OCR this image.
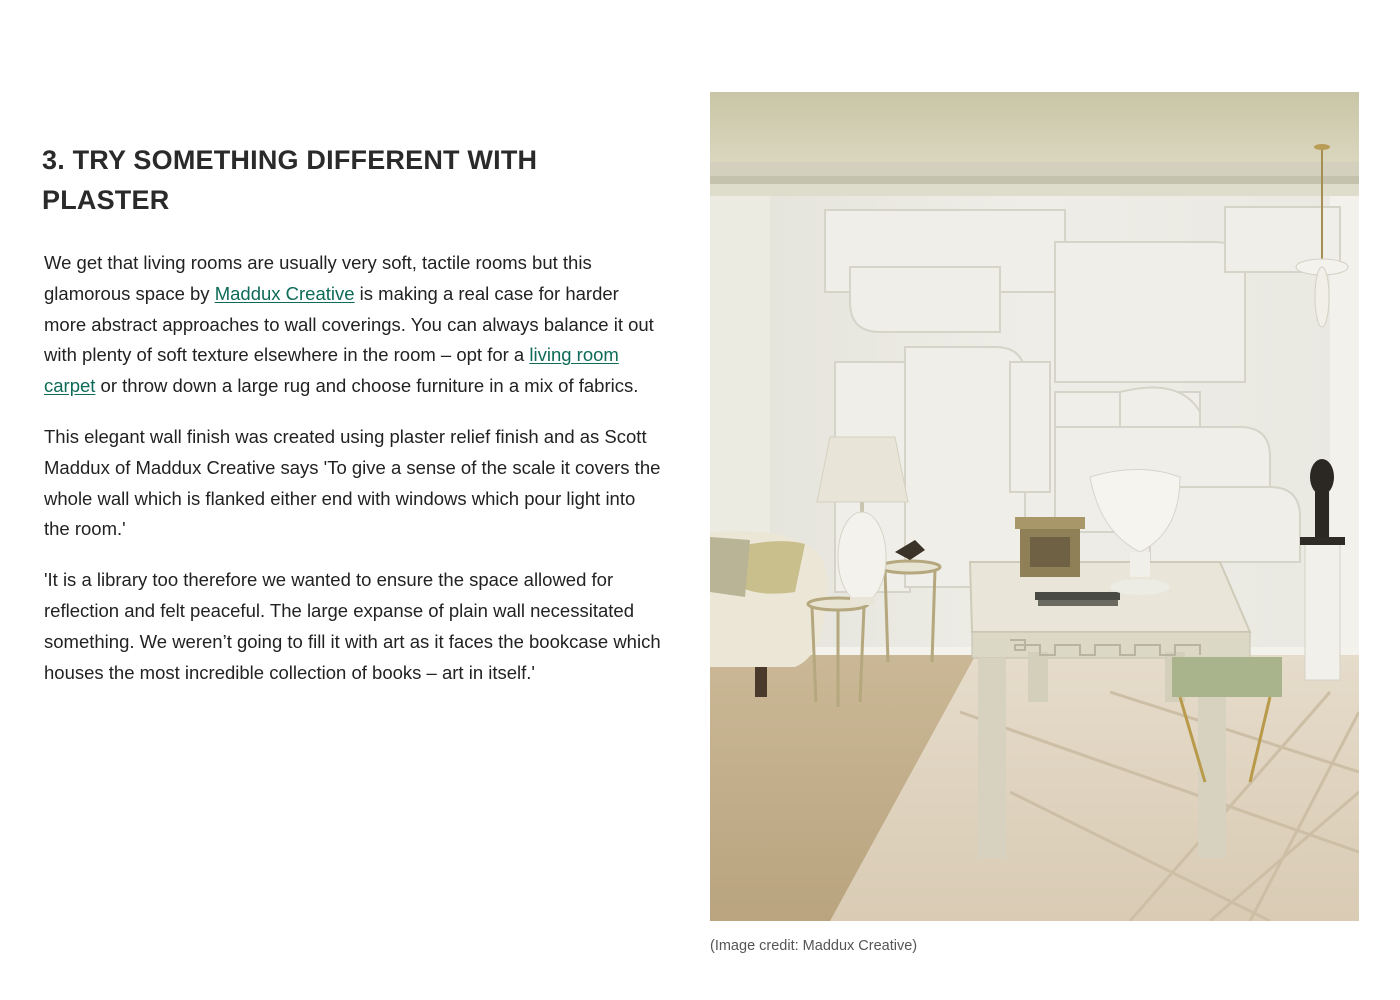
3. TRY SOMETHING DIFFERENT WITH PLASTER

We get that living rooms are usually very soft, tactile rooms but this glamorous space by Maddux Creative is making a real case for harder more abstract approaches to wall coverings. You can always balance it out with plenty of soft texture elsewhere in the room – opt for a living room carpet or throw down a large rug and choose furniture in a mix of fabrics.

This elegant wall finish was created using plaster relief finish and as Scott Maddux of Maddux Creative says 'To give a sense of the scale it covers the whole wall which is flanked either end with windows which pour light into the room.'

'It is a library too therefore we wanted to ensure the space allowed for reflection and felt peaceful. The large expanse of plain wall necessitated something. We weren’t going to fill it with art as it faces the bookcase which houses the most incredible collection of books – art in itself.'

(Image credit: Maddux Creative)
